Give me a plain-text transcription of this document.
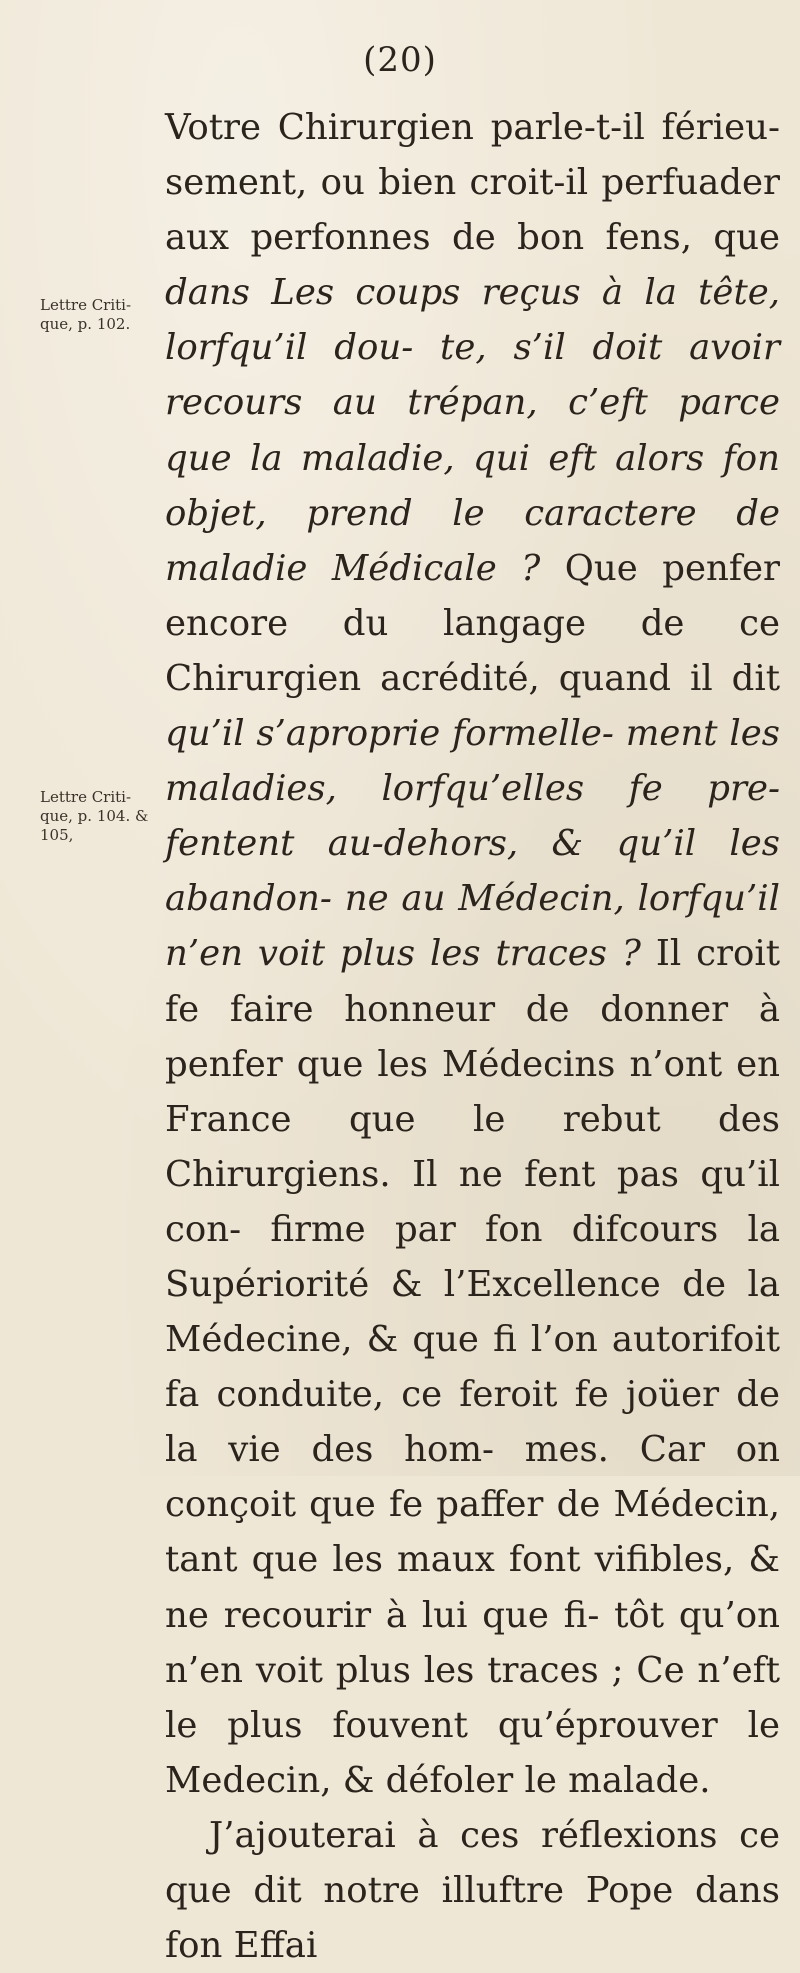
(20)
Lettre Criti-que, p. 102.
Lettre Criti-que, p. 104. & 105,

Votre Chirurgien parle-t-il férieu- sement, ou bien croit-il perfuader aux perfonnes de bon fens, que dans Les coups reçus à la tête, lorfqu’il dou- te, s’il doit avoir recours au trépan, c’eft parce que la maladie, qui eft alors fon objet, prend le caractere de maladie Médicale ? Que penfer encore du langage de ce Chirurgien acrédité, quand il dit qu’il s’aproprie formelle- ment les maladies, lorfqu’elles fe pre- fentent au-dehors, & qu’il les abandon- ne au Médecin, lorfqu’il n’en voit plus les traces ? Il croit fe faire honneur de donner à penfer que les Médecins n’ont en France que le rebut des Chirurgiens. Il ne fent pas qu’il con- firme par fon difcours la Supériorité & l’Excellence de la Médecine, & que fi l’on autorifoit fa conduite, ce feroit fe joüer de la vie des hom- mes. Car on conçoit que fe paffer de Médecin, tant que les maux font vifibles, & ne recourir à lui que fi- tôt qu’on n’en voit plus les traces ; Ce n’eft le plus fouvent qu’éprouver le Medecin, & défoler le malade.

J’ajouterai à ces réflexions ce que dit notre illuftre Pope dans fon Effai
